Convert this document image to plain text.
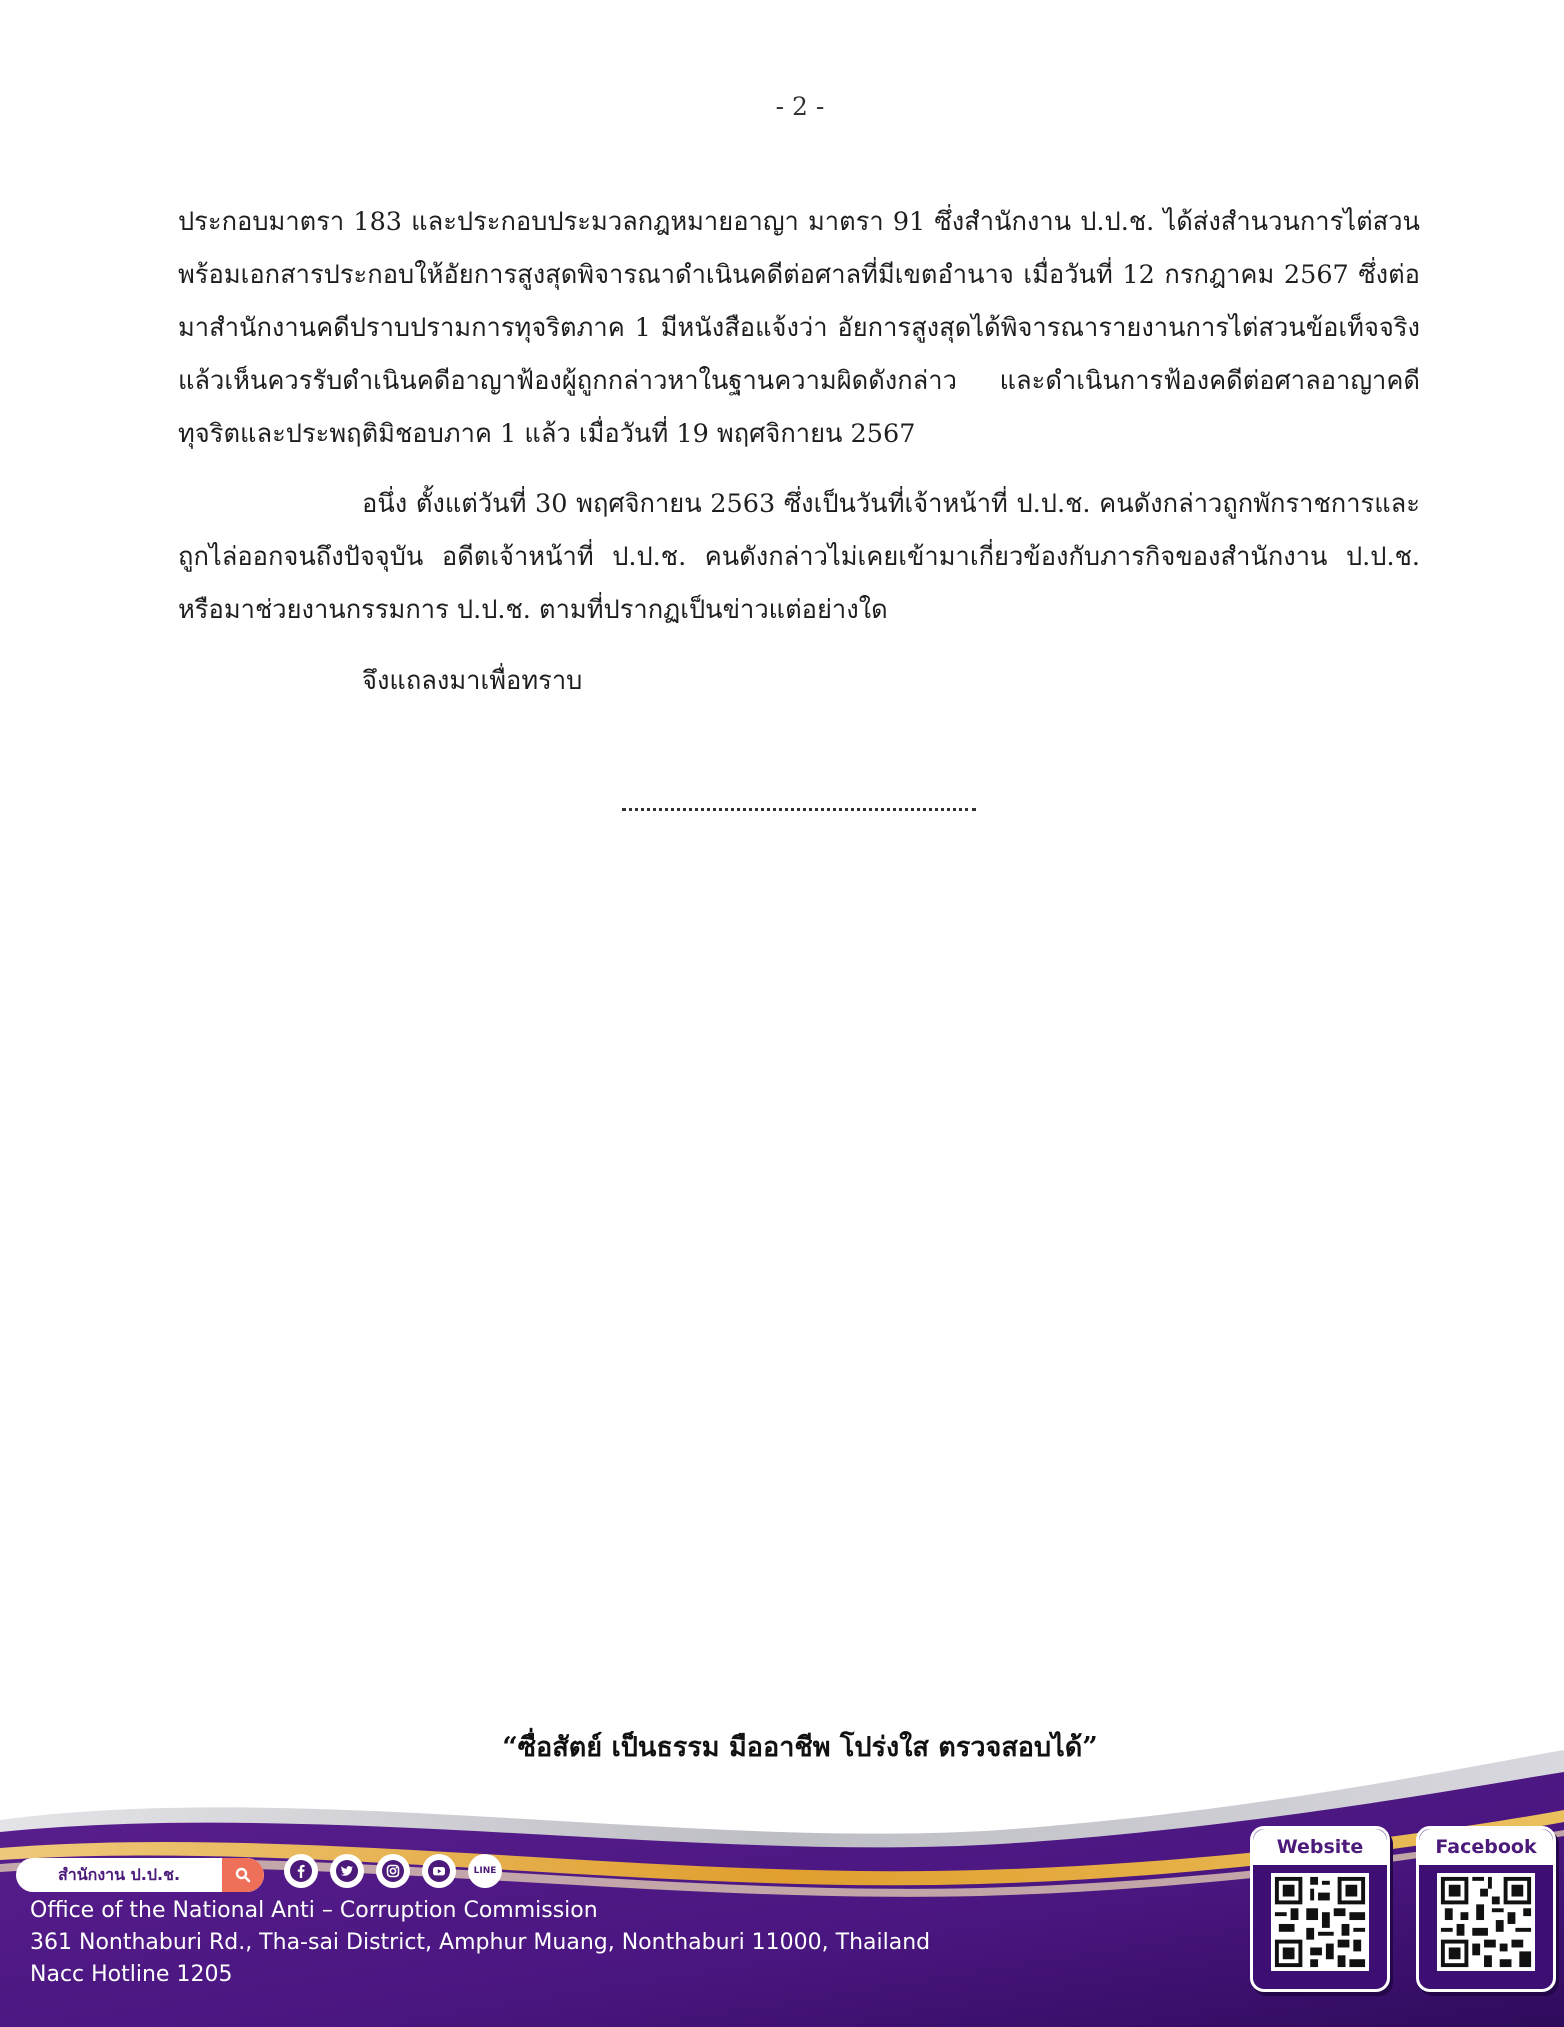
- 2 -

ประกอบมาตรา 183 และประกอบประมวลกฎหมายอาญา มาตรา 91 ซึ่งสำนักงาน ป.ป.ช. ได้ส่งสำนวนการไต่สวนพร้อมเอกสารประกอบให้อัยการสูงสุดพิจารณาดำเนินคดีต่อศาลที่มีเขตอำนาจ เมื่อวันที่ 12 กรกฎาคม 2567 ซึ่งต่อมาสำนักงานคดีปราบปรามการทุจริตภาค 1 มีหนังสือแจ้งว่า อัยการสูงสุดได้พิจารณารายงานการไต่สวนข้อเท็จจริงแล้วเห็นควรรับดำเนินคดีอาญาฟ้องผู้ถูกกล่าวหาในฐานความผิดดังกล่าว และดำเนินการฟ้องคดีต่อศาลอาญาคดีทุจริตและประพฤติมิชอบภาค 1 แล้ว เมื่อวันที่ 19 พฤศจิกายน 2567

อนึ่ง ตั้งแต่วันที่ 30 พฤศจิกายน 2563 ซึ่งเป็นวันที่เจ้าหน้าที่ ป.ป.ช. คนดังกล่าวถูกพักราชการและถูกไล่ออกจนถึงปัจจุบัน อดีตเจ้าหน้าที่ ป.ป.ช. คนดังกล่าวไม่เคยเข้ามาเกี่ยวข้องกับภารกิจของสำนักงาน ป.ป.ช. หรือมาช่วยงานกรรมการ ป.ป.ช. ตามที่ปรากฏเป็นข่าวแต่อย่างใด

จึงแถลงมาเพื่อทราบ

“ซื่อสัตย์ เป็นธรรม มืออาชีพ โปร่งใส ตรวจสอบได้”
สำนักงาน ป.ป.ช.	LINE
Office of the National Anti – Corruption Commission
361 Nonthaburi Rd., Tha-sai District, Amphur Muang, Nonthaburi 11000, Thailand
Nacc Hotline 1205
Website	Facebook
